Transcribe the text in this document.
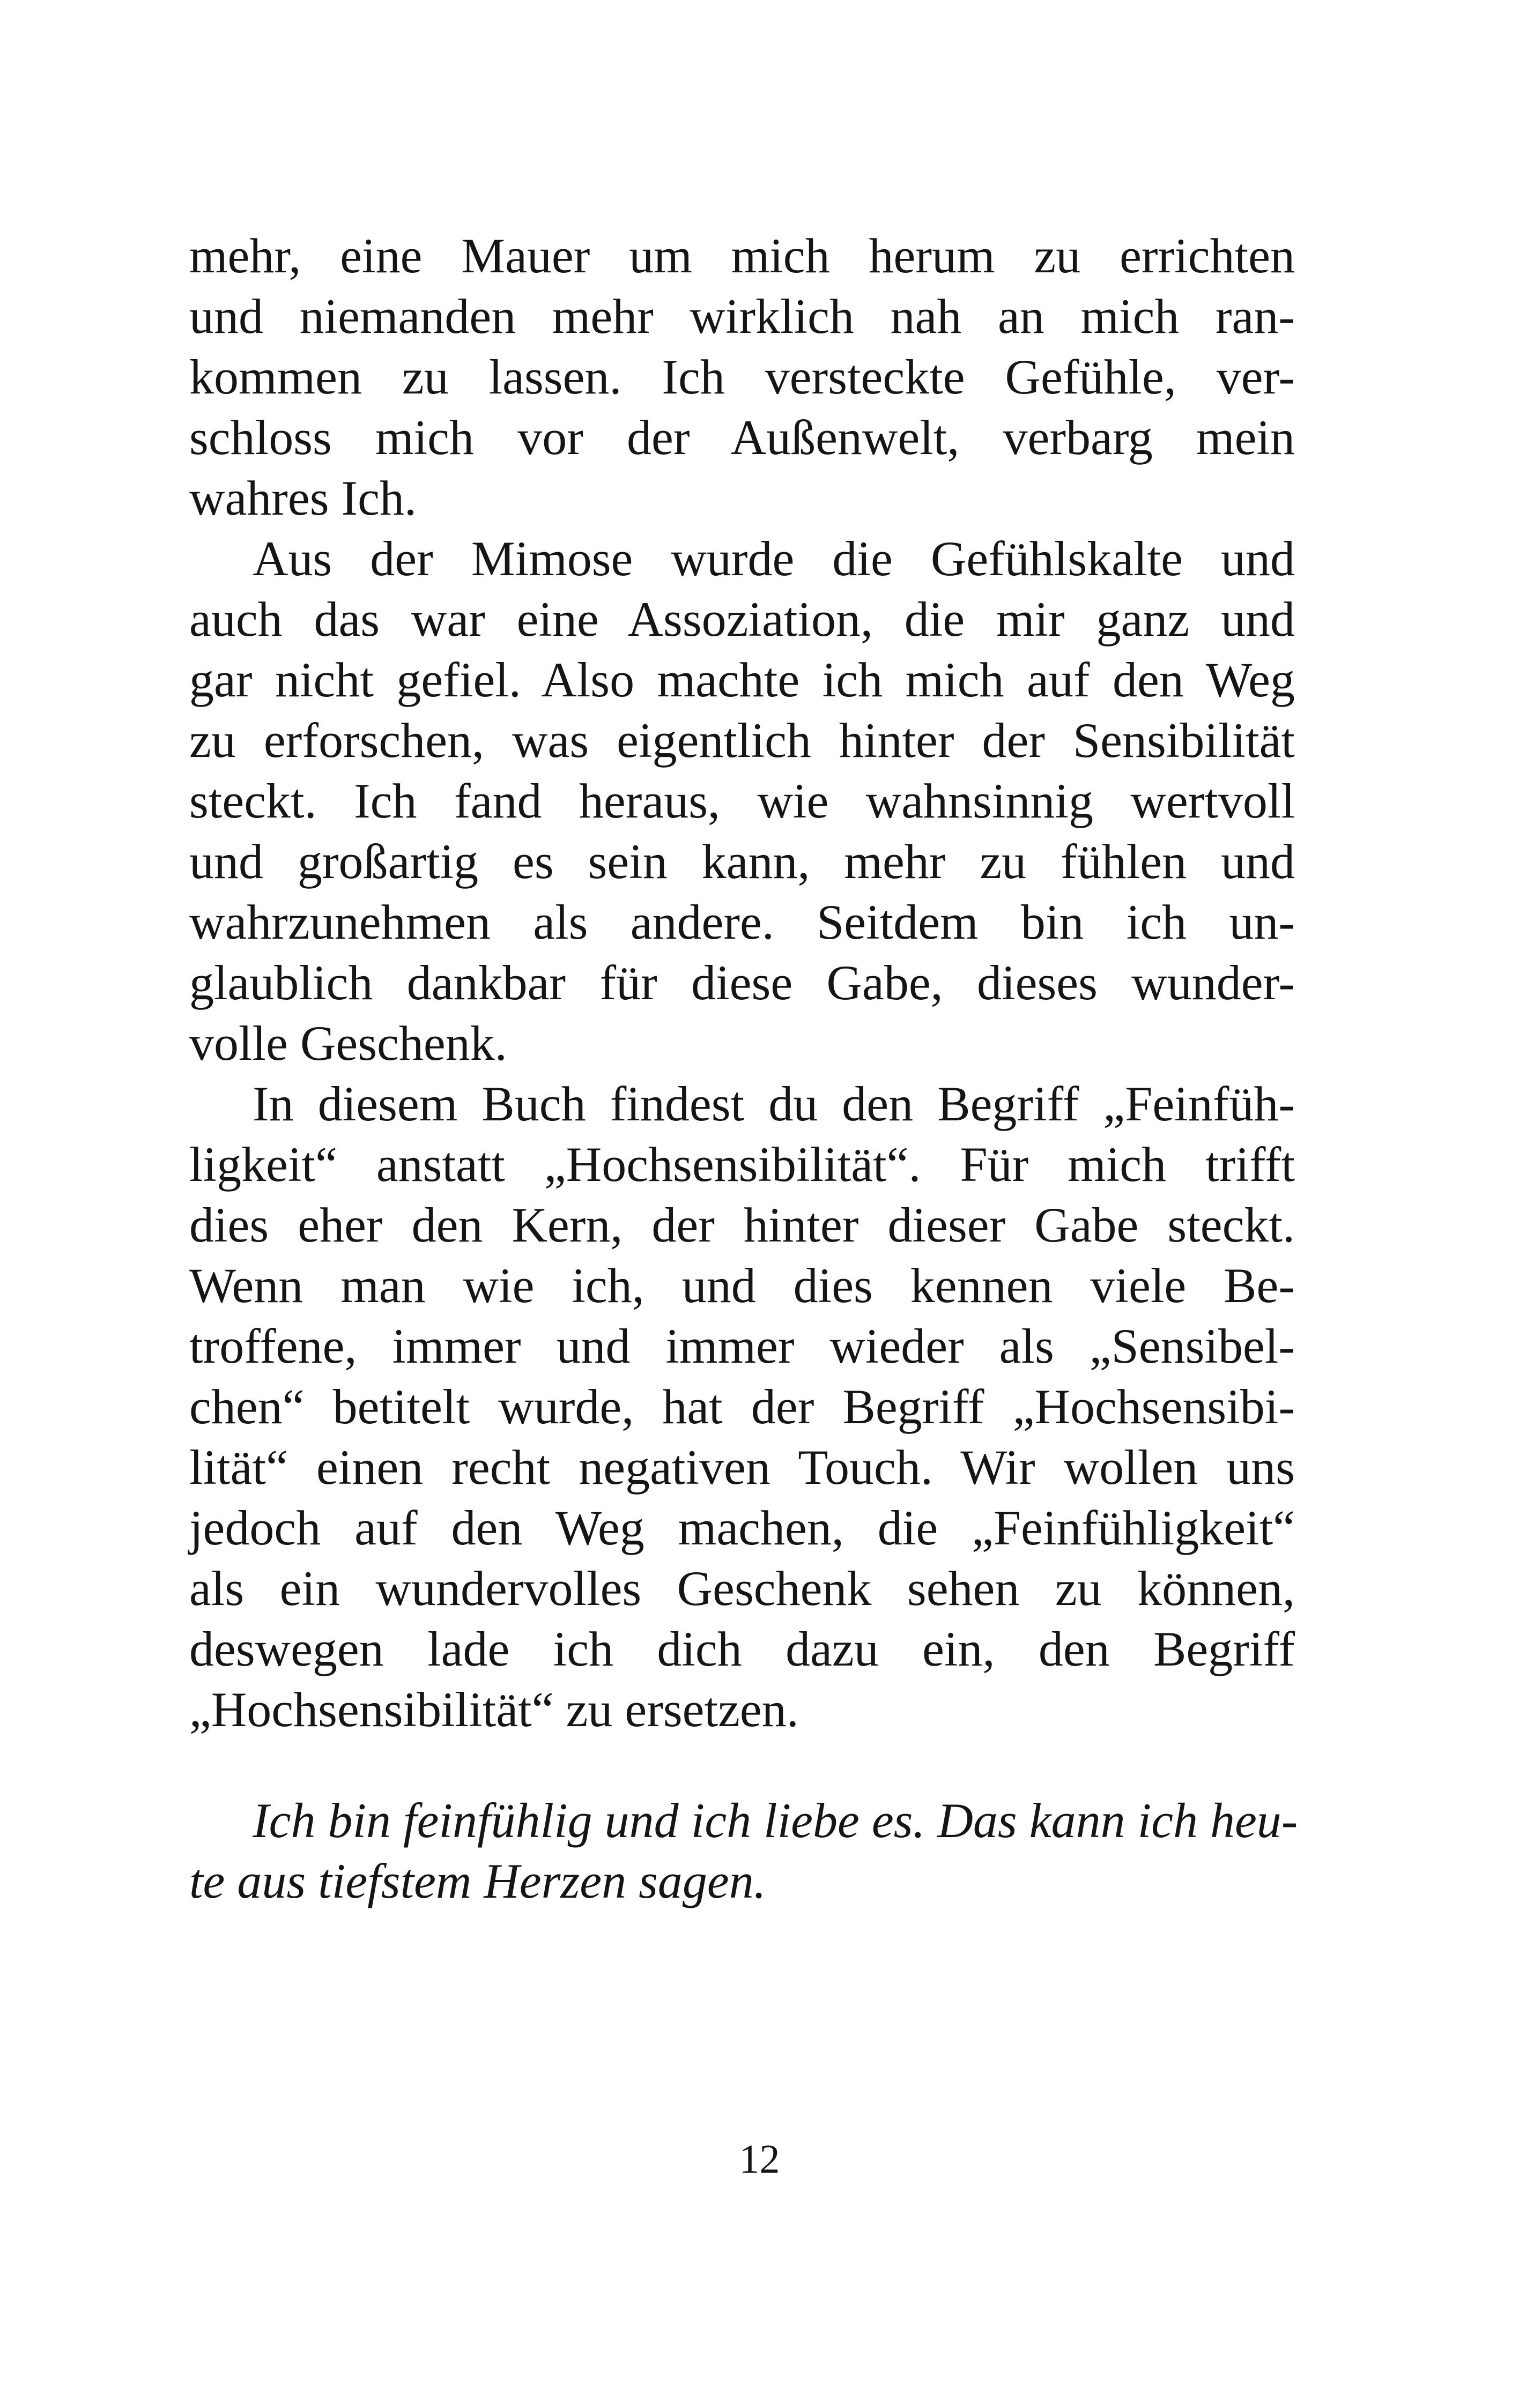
mehr, eine Mauer um mich herum zu errichten
und niemanden mehr wirklich nah an mich ran-
kommen zu lassen. Ich versteckte Gefühle, ver-
schloss mich vor der Außenwelt, verbarg mein
wahres Ich.
Aus der Mimose wurde die Gefühlskalte und
auch das war eine Assoziation, die mir ganz und
gar nicht gefiel. Also machte ich mich auf den Weg
zu erforschen, was eigentlich hinter der Sensibilität
steckt. Ich fand heraus, wie wahnsinnig wertvoll
und großartig es sein kann, mehr zu fühlen und
wahrzunehmen als andere. Seitdem bin ich un-
glaublich dankbar für diese Gabe, dieses wunder-
volle Geschenk.
In diesem Buch findest du den Begriff „Feinfüh-
ligkeit“ anstatt „Hochsensibilität“. Für mich trifft
dies eher den Kern, der hinter dieser Gabe steckt.
Wenn man wie ich, und dies kennen viele Be-
troffene, immer und immer wieder als „Sensibel-
chen“ betitelt wurde, hat der Begriff „Hochsensibi-
lität“ einen recht negativen Touch. Wir wollen uns
jedoch auf den Weg machen, die „Feinfühligkeit“
als ein wundervolles Geschenk sehen zu können,
deswegen lade ich dich dazu ein, den Begriff
„Hochsensibilität“ zu ersetzen.
Ich bin feinfühlig und ich liebe es. Das kann ich heu-
te aus tiefstem Herzen sagen.
12
